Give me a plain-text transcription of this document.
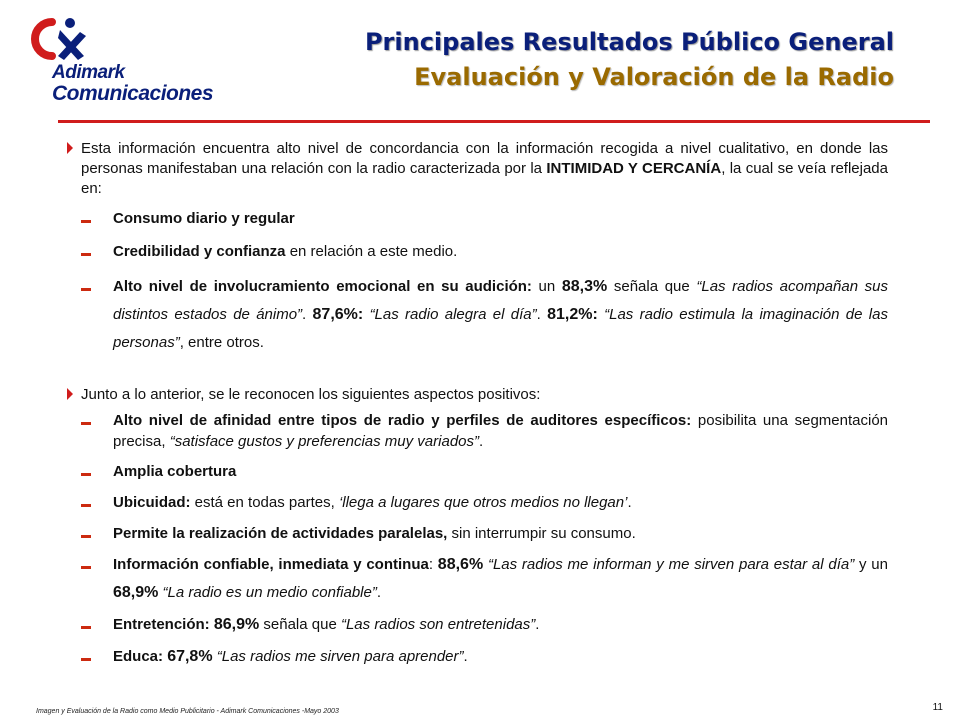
Adimark
Comunicaciones
Principales Resultados Público General
Evaluación y Valoración de la Radio

Esta información encuentra alto nivel de concordancia con la información recogida a nivel cualitativo, en donde las personas manifestaban una relación con la radio caracterizada por la INTIMIDAD Y CERCANÍA, la cual se veía reflejada en:

Consumo diario y regular

Credibilidad y confianza en relación a este medio.

Alto nivel de involucramiento emocional en su audición: un 88,3% señala que “Las radios acompañan sus distintos estados de ánimo”. 87,6%: “Las radio alegra el día”. 81,2%: “Las radio estimula la imaginación de las personas”, entre otros.

Junto a lo anterior, se le reconocen los siguientes aspectos positivos:

Alto nivel de afinidad entre tipos de radio y perfiles de auditores específicos: posibilita una segmentación precisa, “satisface gustos y preferencias muy variados”.

Amplia cobertura

Ubicuidad: está en todas partes, ‘llega a lugares que otros medios no llegan’.

Permite la realización de actividades paralelas, sin interrumpir su consumo.

Información confiable, inmediata y continua: 88,6% “Las radios me informan y me sirven para estar al día” y un 68,9% “La radio es un medio confiable”.

Entretención: 86,9% señala que “Las radios son entretenidas”.

Educa: 67,8% “Las radios me sirven para aprender”.

Imagen y Evaluación de la Radio como Medio Publicitario - Adimark Comunicaciones -Mayo 2003	11
